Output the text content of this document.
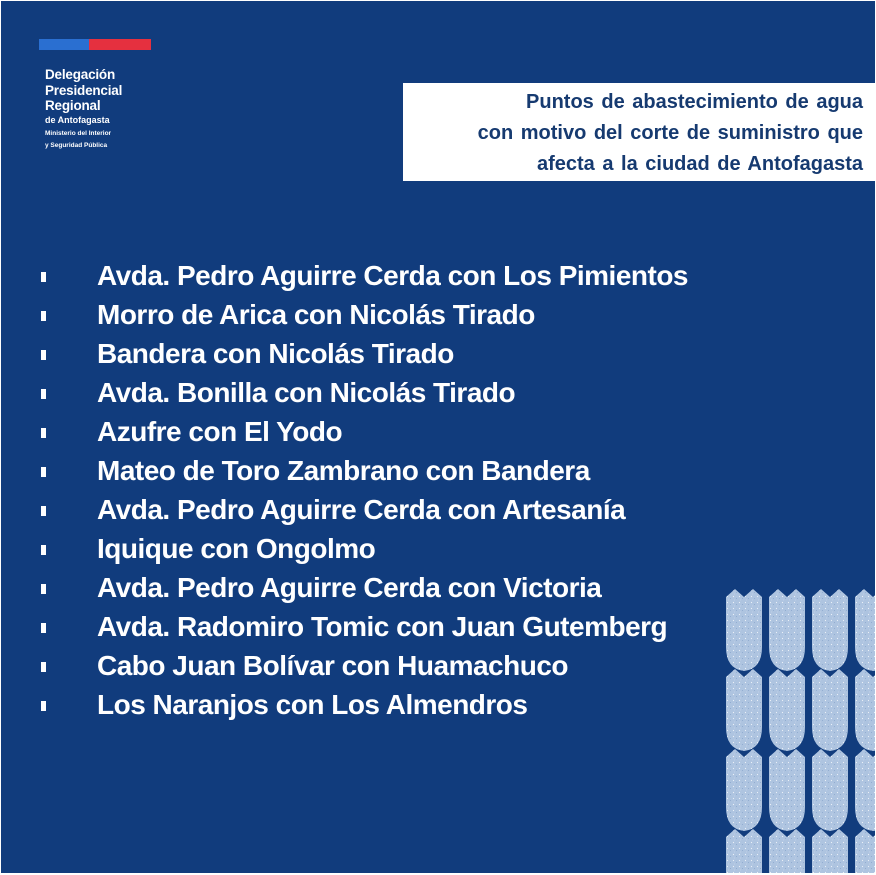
Delegación
Presidencial
Regional
de Antofagasta
Ministerio del Interior
y Seguridad Pública
Puntos de abastecimiento de agua
con motivo del corte de suministro que
afecta a la ciudad de Antofagasta
Avda. Pedro Aguirre Cerda con Los Pimientos
Morro de Arica con Nicolás Tirado
Bandera con Nicolás Tirado
Avda. Bonilla con Nicolás Tirado
Azufre con El Yodo
Mateo de Toro Zambrano con Bandera
Avda. Pedro Aguirre Cerda con Artesanía
Iquique con Ongolmo
Avda. Pedro Aguirre Cerda con Victoria
Avda. Radomiro Tomic con Juan Gutemberg
Cabo Juan Bolívar con Huamachuco
Los Naranjos con Los Almendros
